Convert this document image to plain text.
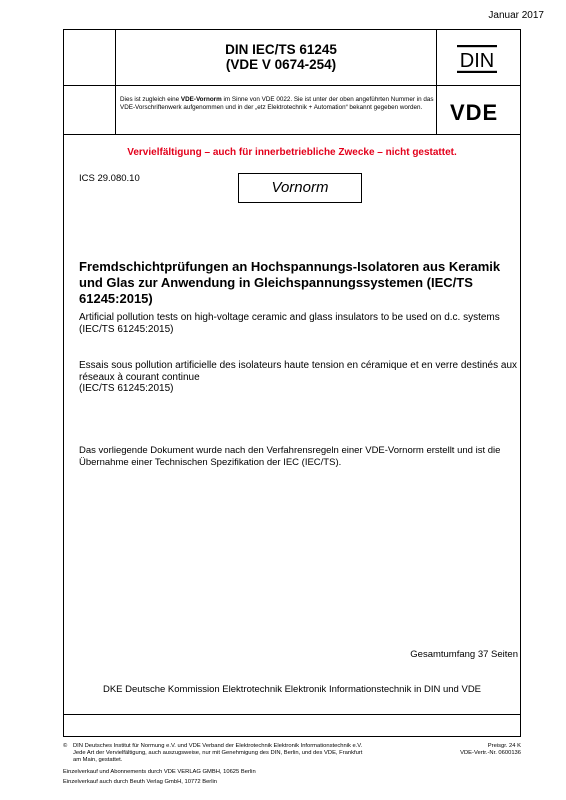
Januar 2017
DIN IEC/TS 61245
(VDE V 0674-254)	DIN
Dies ist zugleich eine VDE-Vornorm im Sinne von VDE 0022. Sie ist unter der oben angeführten Nummer in das VDE-Vorschriftenwerk aufgenommen und in der „etz Elektrotechnik + Automation“ bekannt gegeben worden.	VDE
Vervielfältigung – auch für innerbetriebliche Zwecke – nicht gestattet.
ICS 29.080.10
Vornorm
Fremdschichtprüfungen an Hochspannungs-Isolatoren aus Keramik und Glas zur Anwendung in Gleichspannungssystemen (IEC/TS 61245:2015)
Artificial pollution tests on high-voltage ceramic and glass insulators to be used on d.c. systems
(IEC/TS 61245:2015)
Essais sous pollution artificielle des isolateurs haute tension en céramique et en verre destinés aux réseaux à courant continue
(IEC/TS 61245:2015)
Das vorliegende Dokument wurde nach den Verfahrensregeln einer VDE-Vornorm erstellt und ist die Übernahme einer Technischen Spezifikation der IEC (IEC/TS).
Gesamtumfang 37 Seiten
DKE Deutsche Kommission Elektrotechnik Elektronik Informationstechnik in DIN und VDE
© DIN Deutsches Institut für Normung e.V. und VDE Verband der Elektrotechnik Elektronik Informationstechnik e.V. Jede Art der Vervielfältigung, auch auszugsweise, nur mit Genehmigung des DIN, Berlin, und des VDE, Frankfurt am Main, gestattet.
Preisgr. 24 K
VDE-Vertr.-Nr. 0600136
Einzelverkauf und Abonnements durch VDE VERLAG GMBH, 10625 Berlin
Einzelverkauf auch durch Beuth Verlag GmbH, 10772 Berlin
